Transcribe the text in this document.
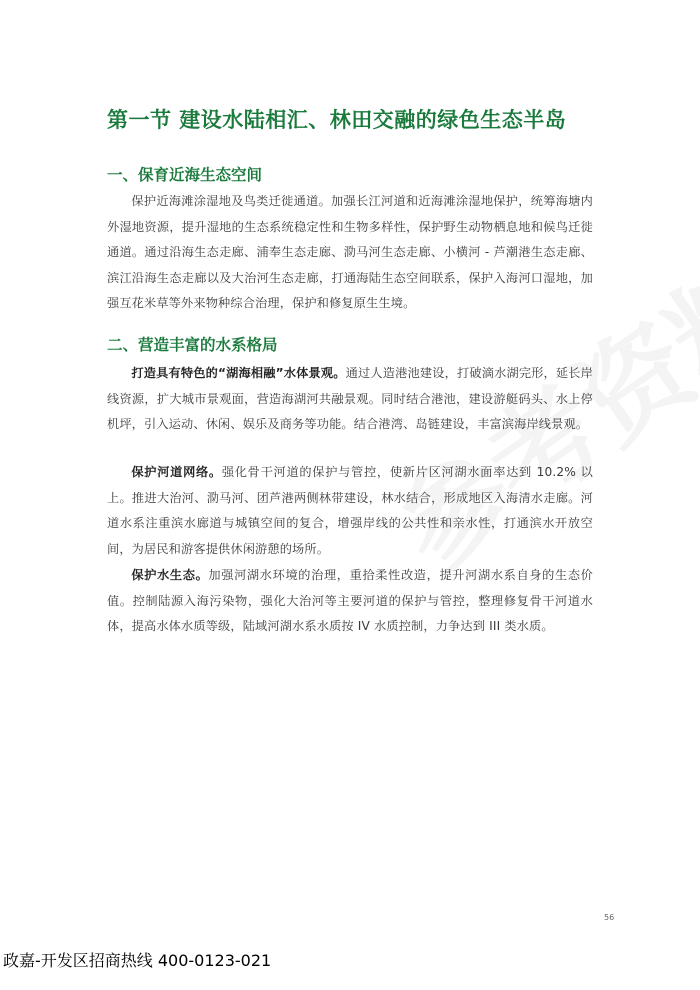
第一节 建设水陆相汇、林田交融的绿色生态半岛
一、保育近海生态空间

保护近海滩涂湿地及鸟类迁徙通道。加强长江河道和近海滩涂湿地保护，统筹海塘内外湿地资源，提升湿地的生态系统稳定性和生物多样性，保护野生动物栖息地和候鸟迁徙通道。通过沿海生态走廊、浦奉生态走廊、泐马河生态走廊、小横河 - 芦潮港生态走廊、滨江沿海生态走廊以及大治河生态走廊，打通海陆生态空间联系，保护入海河口湿地，加强互花米草等外来物种综合治理，保护和修复原生生境。

二、营造丰富的水系格局

打造具有特色的“湖海相融”水体景观。通过人造港池建设，打破滴水湖完形，延长岸线资源，扩大城市景观面，营造海湖河共融景观。同时结合港池，建设游艇码头、水上停机坪，引入运动、休闲、娱乐及商务等功能。结合港湾、岛链建设，丰富滨海岸线景观。

保护河道网络。强化骨干河道的保护与管控，使新片区河湖水面率达到 10.2% 以上。推进大治河、泐马河、团芦港两侧林带建设，林水结合，形成地区入海清水走廊。河道水系注重滨水廊道与城镇空间的复合，增强岸线的公共性和亲水性，打通滨水开放空间，为居民和游客提供休闲游憩的场所。

保护水生态。加强河湖水环境的治理，重拾柔性改造，提升河湖水系自身的生态价值。控制陆源入海污染物，强化大治河等主要河道的保护与管控，整理修复骨干河道水体，提高水体水质等级，陆域河湖水系水质按 IV 水质控制，力争达到 III 类水质。

56
政嘉-开发区招商热线 400-0123-021
